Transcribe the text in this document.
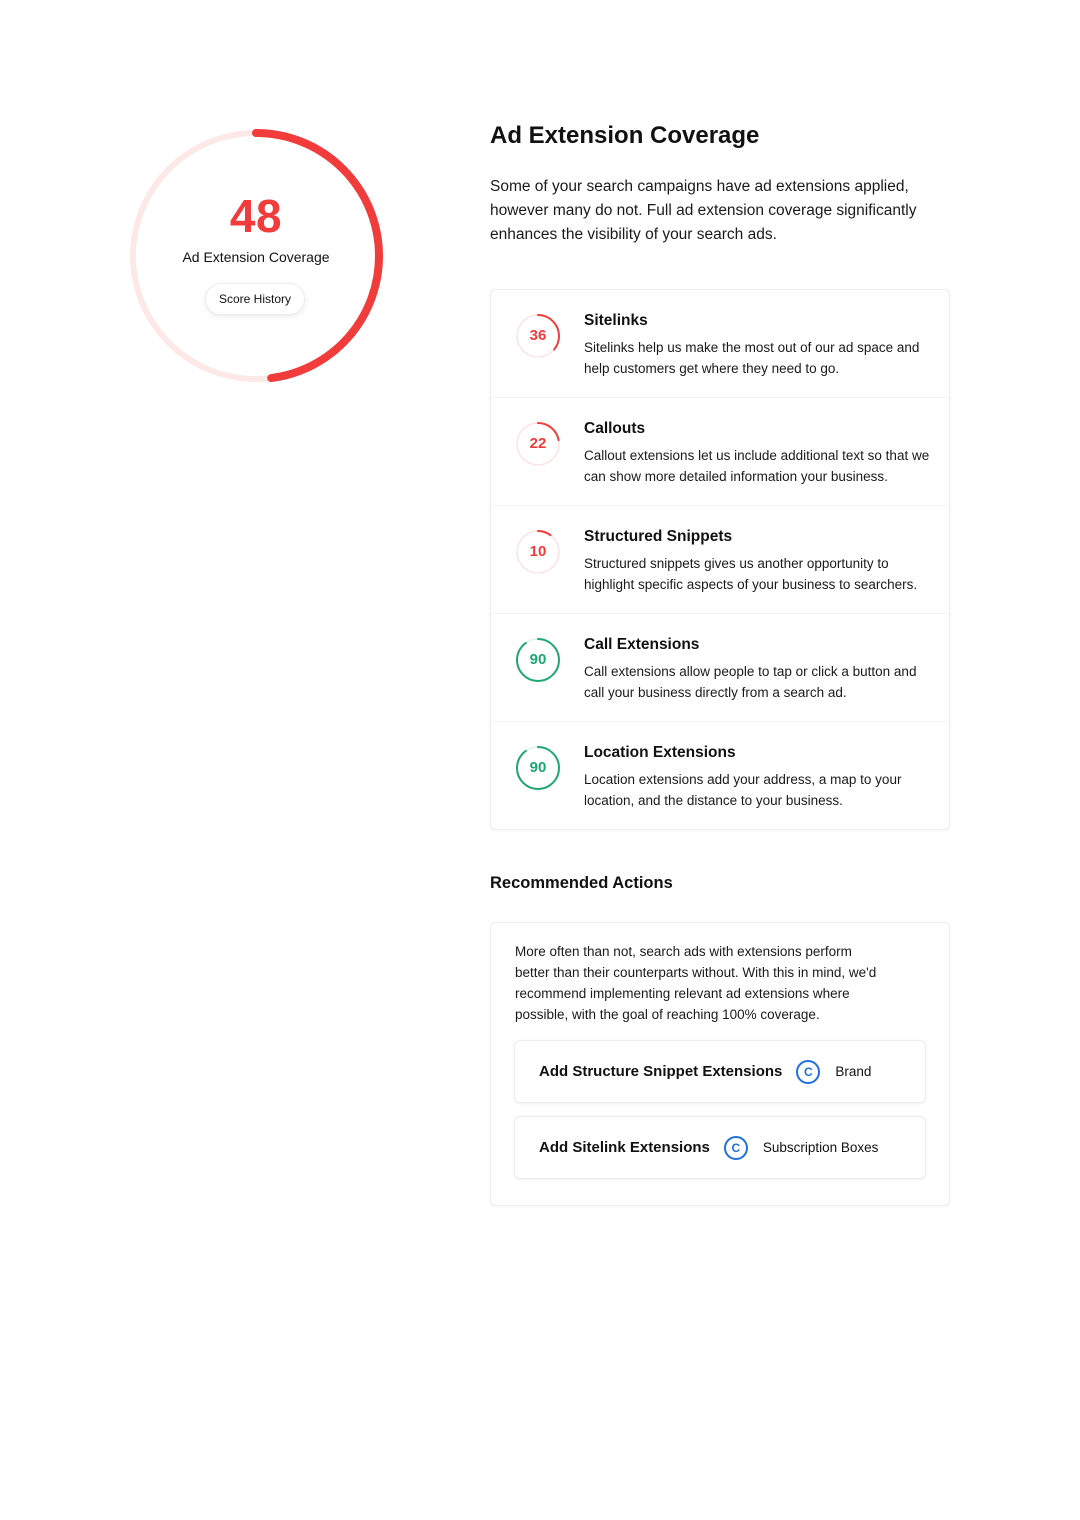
48
Ad Extension Coverage
Score History
Ad Extension Coverage

Some of your search campaigns have ad extensions applied, however many do not. Full ad extension coverage significantly enhances the visibility of your search ads.

36
Sitelinks

Sitelinks help us make the most out of our ad space and help customers get where they need to go.

22
Callouts

Callout extensions let us include additional text so that we can show more detailed information your business.

10
Structured Snippets

Structured snippets gives us another opportunity to highlight specific aspects of your business to searchers.

90
Call Extensions

Call extensions allow people to tap or click a button and call your business directly from a search ad.

90
Location Extensions

Location extensions add your address, a map to your location, and the distance to your business.

Recommended Actions

More often than not, search ads with extensions perform better than their counterparts without. With this in mind, we'd recommend implementing relevant ad extensions where possible, with the goal of reaching 100% coverage.

Add Structure Snippet Extensions	C	Brand
Add Sitelink Extensions	C	Subscription Boxes
